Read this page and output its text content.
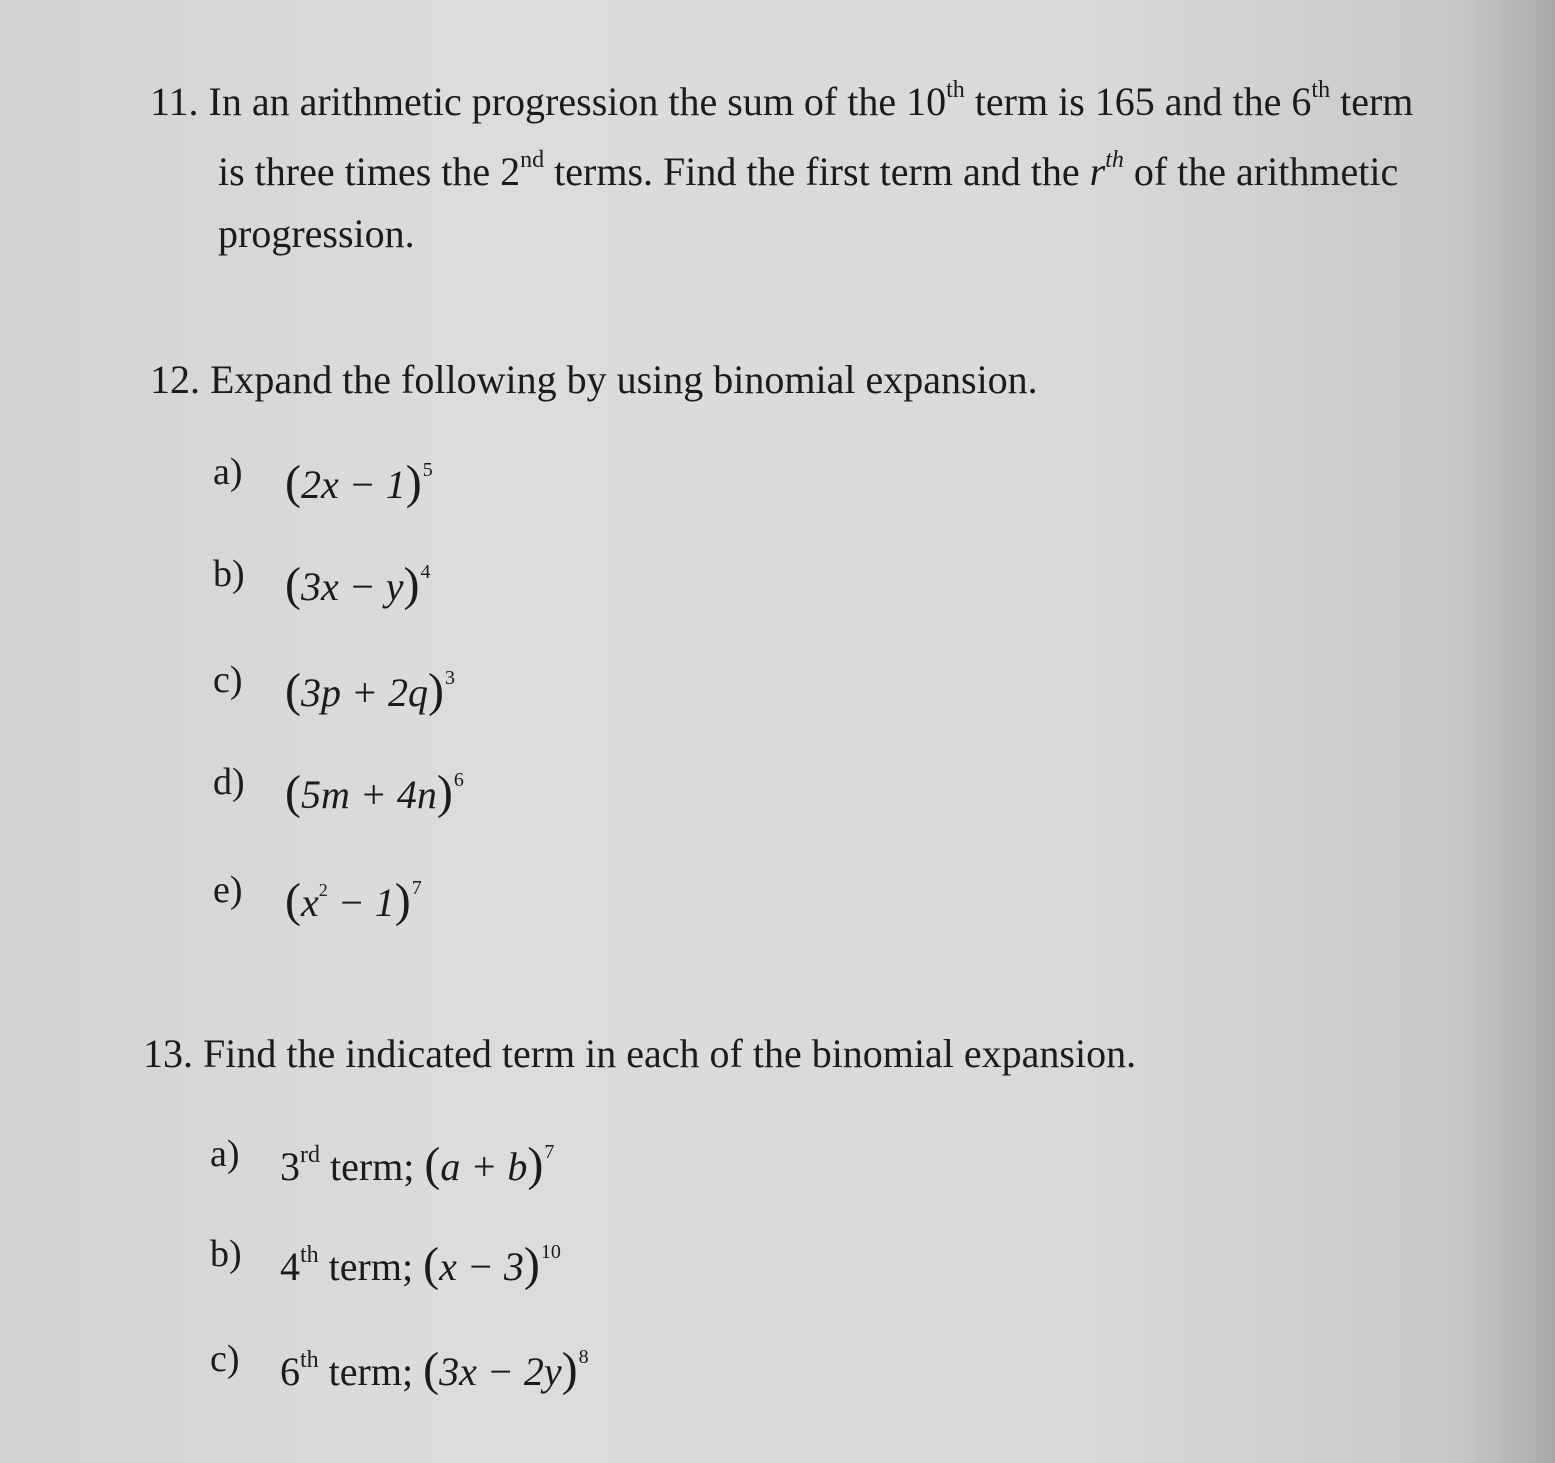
11. In an arithmetic progression the sum of the 10th term is 165 and the 6th term
is three times the 2nd terms. Find the first term and the $r^{th}$ of the arithmetic
progression.
12. Expand the following by using binomial expansion.
a) $(2x - 1)^5$
b) $(3x - y)^4$
c) $(3p + 2q)^3$
d) $(5m + 4n)^6$
e) $(x^2 - 1)^7$
13. Find the indicated term in each of the binomial expansion.
a) 3rd term; $(a + b)^7$
b) 4th term; $(x - 3)^{10}$
c) 6th term; $(3x - 2y)^8$
